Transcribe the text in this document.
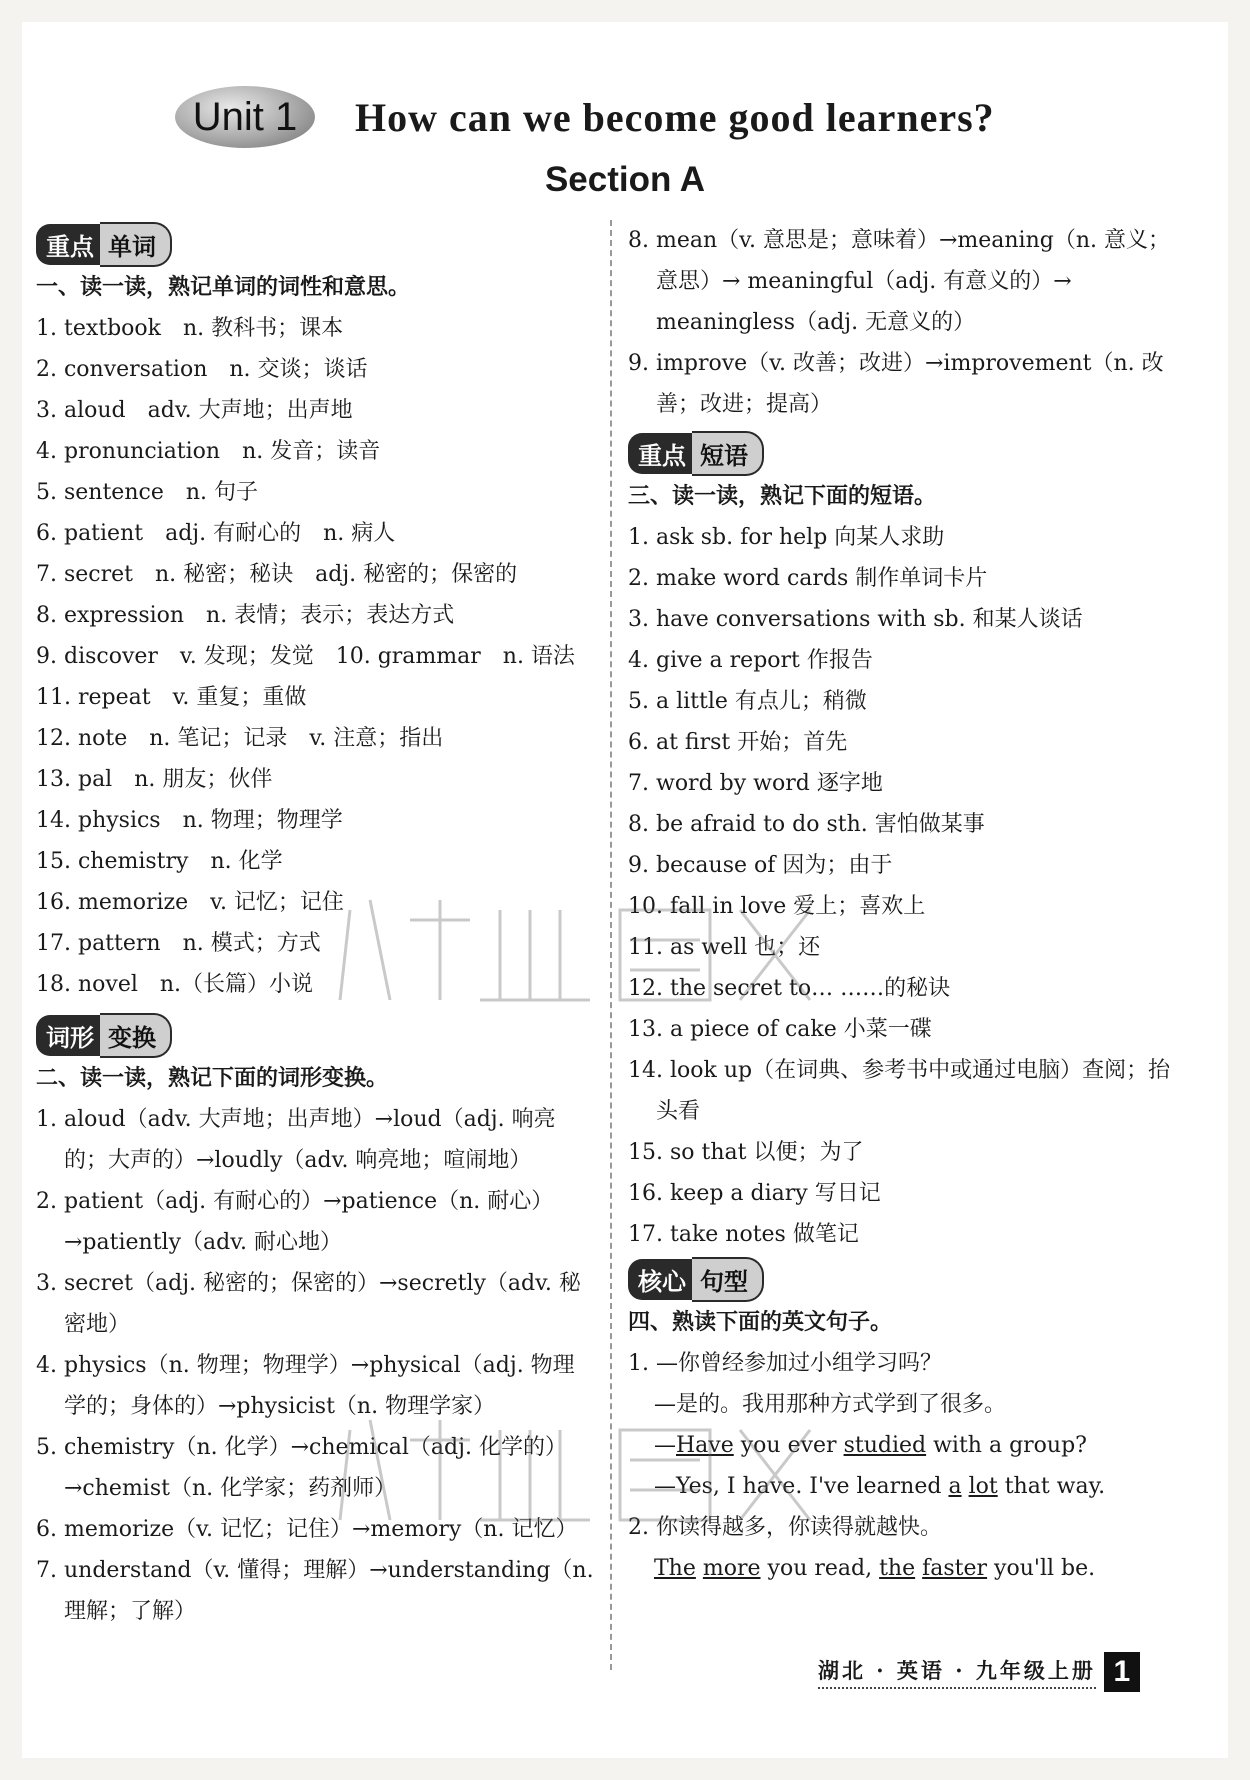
Unit 1	How can we become good learners?
Section A
重点 单词
一、读一读，熟记单词的词性和意思。
1. textbook　n. 教科书；课本
2. conversation　n. 交谈；谈话
3. aloud　adv. 大声地；出声地
4. pronunciation　n. 发音；读音
5. sentence　n. 句子
6. patient　adj. 有耐心的　n. 病人
7. secret　n. 秘密；秘诀　adj. 秘密的；保密的
8. expression　n. 表情；表示；表达方式
9. discover　v. 发现；发觉　10. grammar　n. 语法
11. repeat　v. 重复；重做
12. note　n. 笔记；记录　v. 注意；指出
13. pal　n. 朋友；伙伴
14. physics　n. 物理；物理学
15. chemistry　n. 化学
16. memorize　v. 记忆；记住
17. pattern　n. 模式；方式
18. novel　n.（长篇）小说
词形 变换
二、读一读，熟记下面的词形变换。
1. aloud（adv. 大声地；出声地）→loud（adj. 响亮的；大声的）→loudly（adv. 响亮地；喧闹地）
2. patient（adj. 有耐心的）→patience（n. 耐心）→patiently（adv. 耐心地）
3. secret（adj. 秘密的；保密的）→secretly（adv. 秘密地）
4. physics（n. 物理；物理学）→physical（adj. 物理学的；身体的）→physicist（n. 物理学家）
5. chemistry（n. 化学）→chemical（adj. 化学的）→chemist（n. 化学家；药剂师）
6. memorize（v. 记忆；记住）→memory（n. 记忆）
7. understand（v. 懂得；理解）→understanding（n. 理解；了解）
8. mean（v. 意思是；意味着）→meaning（n. 意义；意思）→ meaningful（adj. 有意义的）→ meaningless（adj. 无意义的）
9. improve（v. 改善；改进）→improvement（n. 改善；改进；提高）
重点 短语
三、读一读，熟记下面的短语。
1. ask sb. for help 向某人求助
2. make word cards 制作单词卡片
3. have conversations with sb. 和某人谈话
4. give a report 作报告
5. a little 有点儿；稍微
6. at first 开始；首先
7. word by word 逐字地
8. be afraid to do sth. 害怕做某事
9. because of 因为；由于
10. fall in love 爱上；喜欢上
11. as well 也；还
12. the secret to… ……的秘诀
13. a piece of cake 小菜一碟
14. look up（在词典、参考书中或通过电脑）查阅；抬头看
15. so that 以便；为了
16. keep a diary 写日记
17. take notes 做笔记
核心 句型
四、熟读下面的英文句子。
1. —你曾经参加过小组学习吗？
—是的。我用那种方式学到了很多。
—Have you ever studied with a group?
—Yes, I have. I've learned a lot that way.
2. 你读得越多，你读得就越快。
The more you read, the faster you'll be.
湖北 · 英语 · 九年级上册 1
